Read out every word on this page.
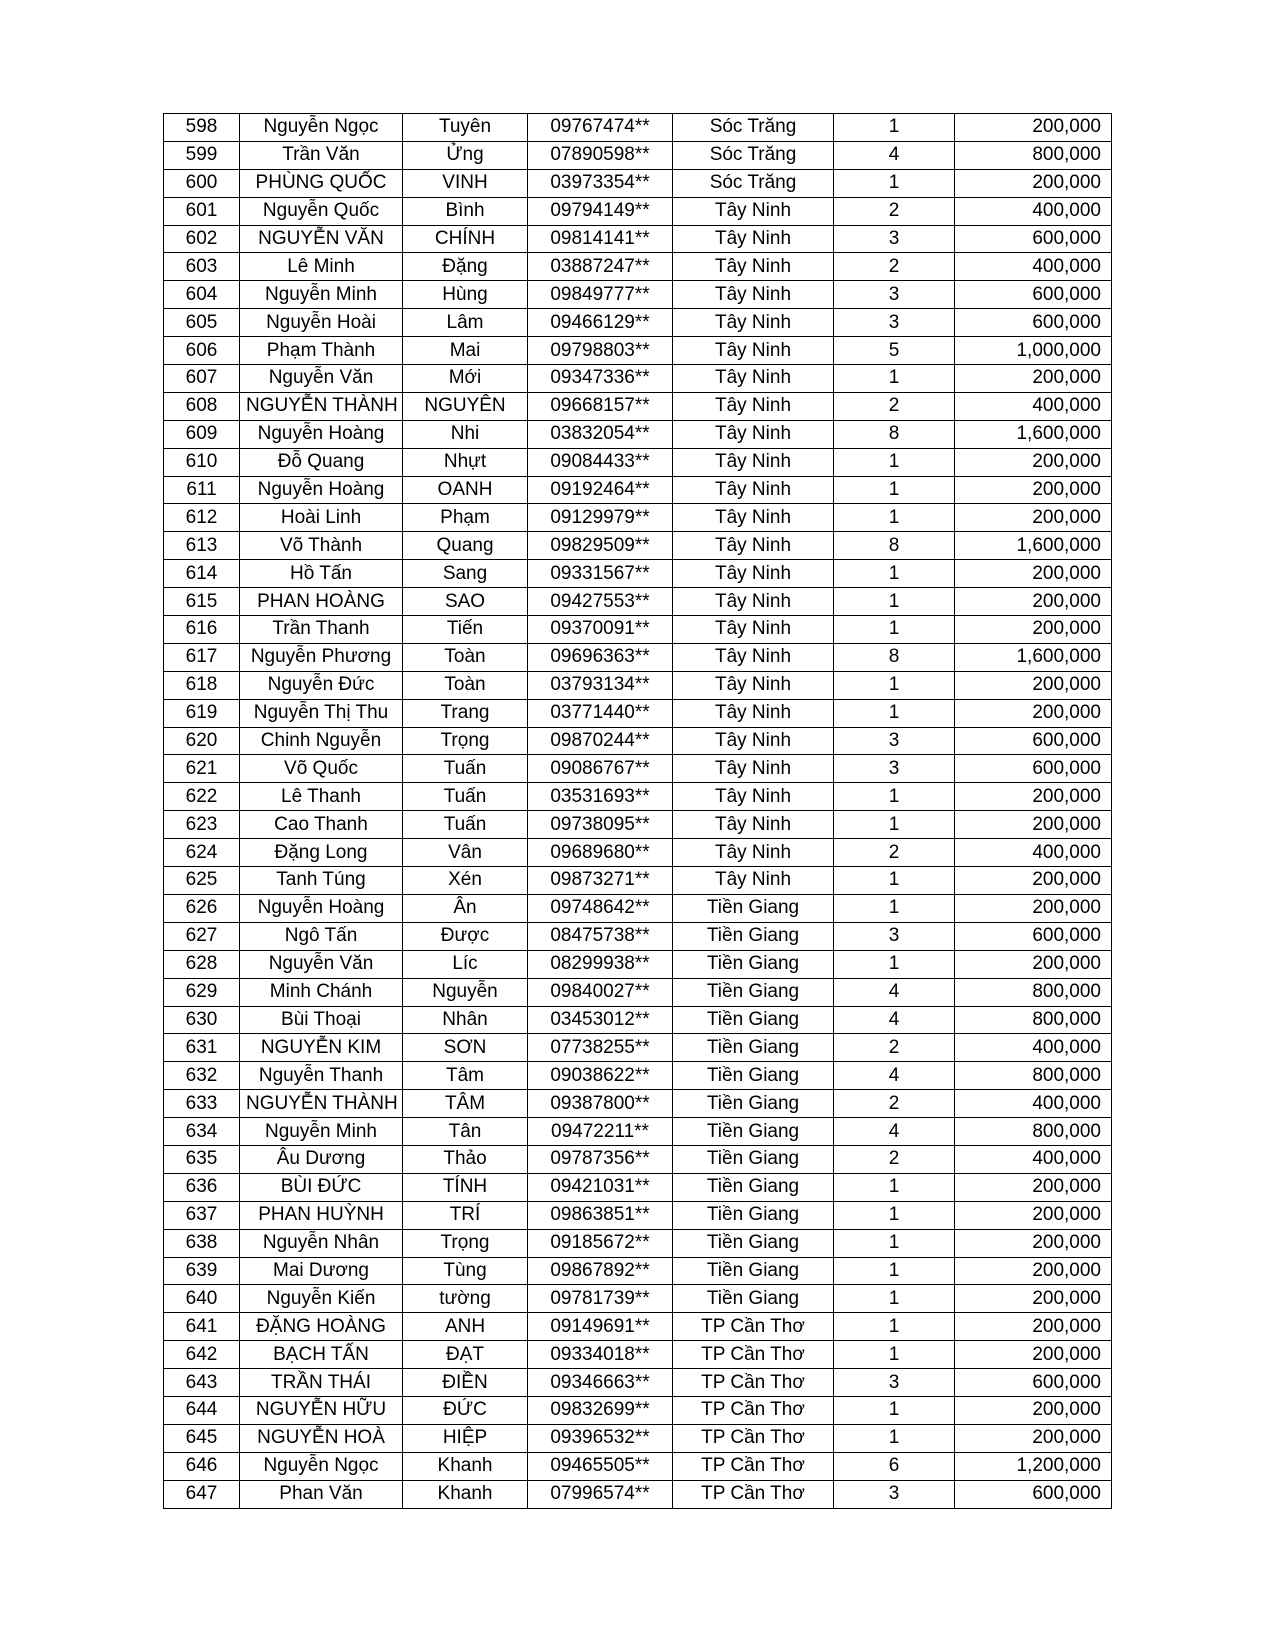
598	Nguyễn Ngọc	Tuyên	09767474**	Sóc Trăng	1	200,000
599	Trần Văn	Ửng	07890598**	Sóc Trăng	4	800,000
600	PHÙNG QUỐC	VINH	03973354**	Sóc Trăng	1	200,000
601	Nguyễn Quốc	Bình	09794149**	Tây Ninh	2	400,000
602	NGUYỄN VĂN	CHÍNH	09814141**	Tây Ninh	3	600,000
603	Lê Minh	Đặng	03887247**	Tây Ninh	2	400,000
604	Nguyễn Minh	Hùng	09849777**	Tây Ninh	3	600,000
605	Nguyễn Hoài	Lâm	09466129**	Tây Ninh	3	600,000
606	Phạm Thành	Mai	09798803**	Tây Ninh	5	1,000,000
607	Nguyễn Văn	Mới	09347336**	Tây Ninh	1	200,000
608	NGUYỄN THÀNH	NGUYÊN	09668157**	Tây Ninh	2	400,000
609	Nguyễn Hoàng	Nhi	03832054**	Tây Ninh	8	1,600,000
610	Đỗ Quang	Nhựt	09084433**	Tây Ninh	1	200,000
611	Nguyễn Hoàng	OANH	09192464**	Tây Ninh	1	200,000
612	Hoài Linh	Phạm	09129979**	Tây Ninh	1	200,000
613	Võ Thành	Quang	09829509**	Tây Ninh	8	1,600,000
614	Hồ Tấn	Sang	09331567**	Tây Ninh	1	200,000
615	PHAN HOÀNG	SAO	09427553**	Tây Ninh	1	200,000
616	Trần Thanh	Tiến	09370091**	Tây Ninh	1	200,000
617	Nguyễn Phương	Toàn	09696363**	Tây Ninh	8	1,600,000
618	Nguyễn Đức	Toàn	03793134**	Tây Ninh	1	200,000
619	Nguyễn Thị Thu	Trang	03771440**	Tây Ninh	1	200,000
620	Chinh Nguyễn	Trọng	09870244**	Tây Ninh	3	600,000
621	Võ Quốc	Tuấn	09086767**	Tây Ninh	3	600,000
622	Lê Thanh	Tuấn	03531693**	Tây Ninh	1	200,000
623	Cao Thanh	Tuấn	09738095**	Tây Ninh	1	200,000
624	Đặng Long	Vân	09689680**	Tây Ninh	2	400,000
625	Tanh Túng	Xén	09873271**	Tây Ninh	1	200,000
626	Nguyễn Hoàng	Ân	09748642**	Tiền Giang	1	200,000
627	Ngô Tấn	Được	08475738**	Tiền Giang	3	600,000
628	Nguyễn Văn	Líc	08299938**	Tiền Giang	1	200,000
629	Minh Chánh	Nguyễn	09840027**	Tiền Giang	4	800,000
630	Bùi Thoại	Nhân	03453012**	Tiền Giang	4	800,000
631	NGUYỄN KIM	SƠN	07738255**	Tiền Giang	2	400,000
632	Nguyễn Thanh	Tâm	09038622**	Tiền Giang	4	800,000
633	NGUYỄN THÀNH	TÂM	09387800**	Tiền Giang	2	400,000
634	Nguyễn Minh	Tân	09472211**	Tiền Giang	4	800,000
635	Âu Dương	Thảo	09787356**	Tiền Giang	2	400,000
636	BÙI ĐỨC	TÍNH	09421031**	Tiền Giang	1	200,000
637	PHAN HUỲNH	TRÍ	09863851**	Tiền Giang	1	200,000
638	Nguyễn Nhân	Trọng	09185672**	Tiền Giang	1	200,000
639	Mai Dương	Tùng	09867892**	Tiền Giang	1	200,000
640	Nguyễn Kiến	tường	09781739**	Tiền Giang	1	200,000
641	ĐẶNG HOÀNG	ANH	09149691**	TP Cần Thơ	1	200,000
642	BẠCH TẤN	ĐẠT	09334018**	TP Cần Thơ	1	200,000
643	TRẦN THÁI	ĐIỀN	09346663**	TP Cần Thơ	3	600,000
644	NGUYỄN HỮU	ĐỨC	09832699**	TP Cần Thơ	1	200,000
645	NGUYỄN HOÀ	HIỆP	09396532**	TP Cần Thơ	1	200,000
646	Nguyễn Ngọc	Khanh	09465505**	TP Cần Thơ	6	1,200,000
647	Phan Văn	Khanh	07996574**	TP Cần Thơ	3	600,000
